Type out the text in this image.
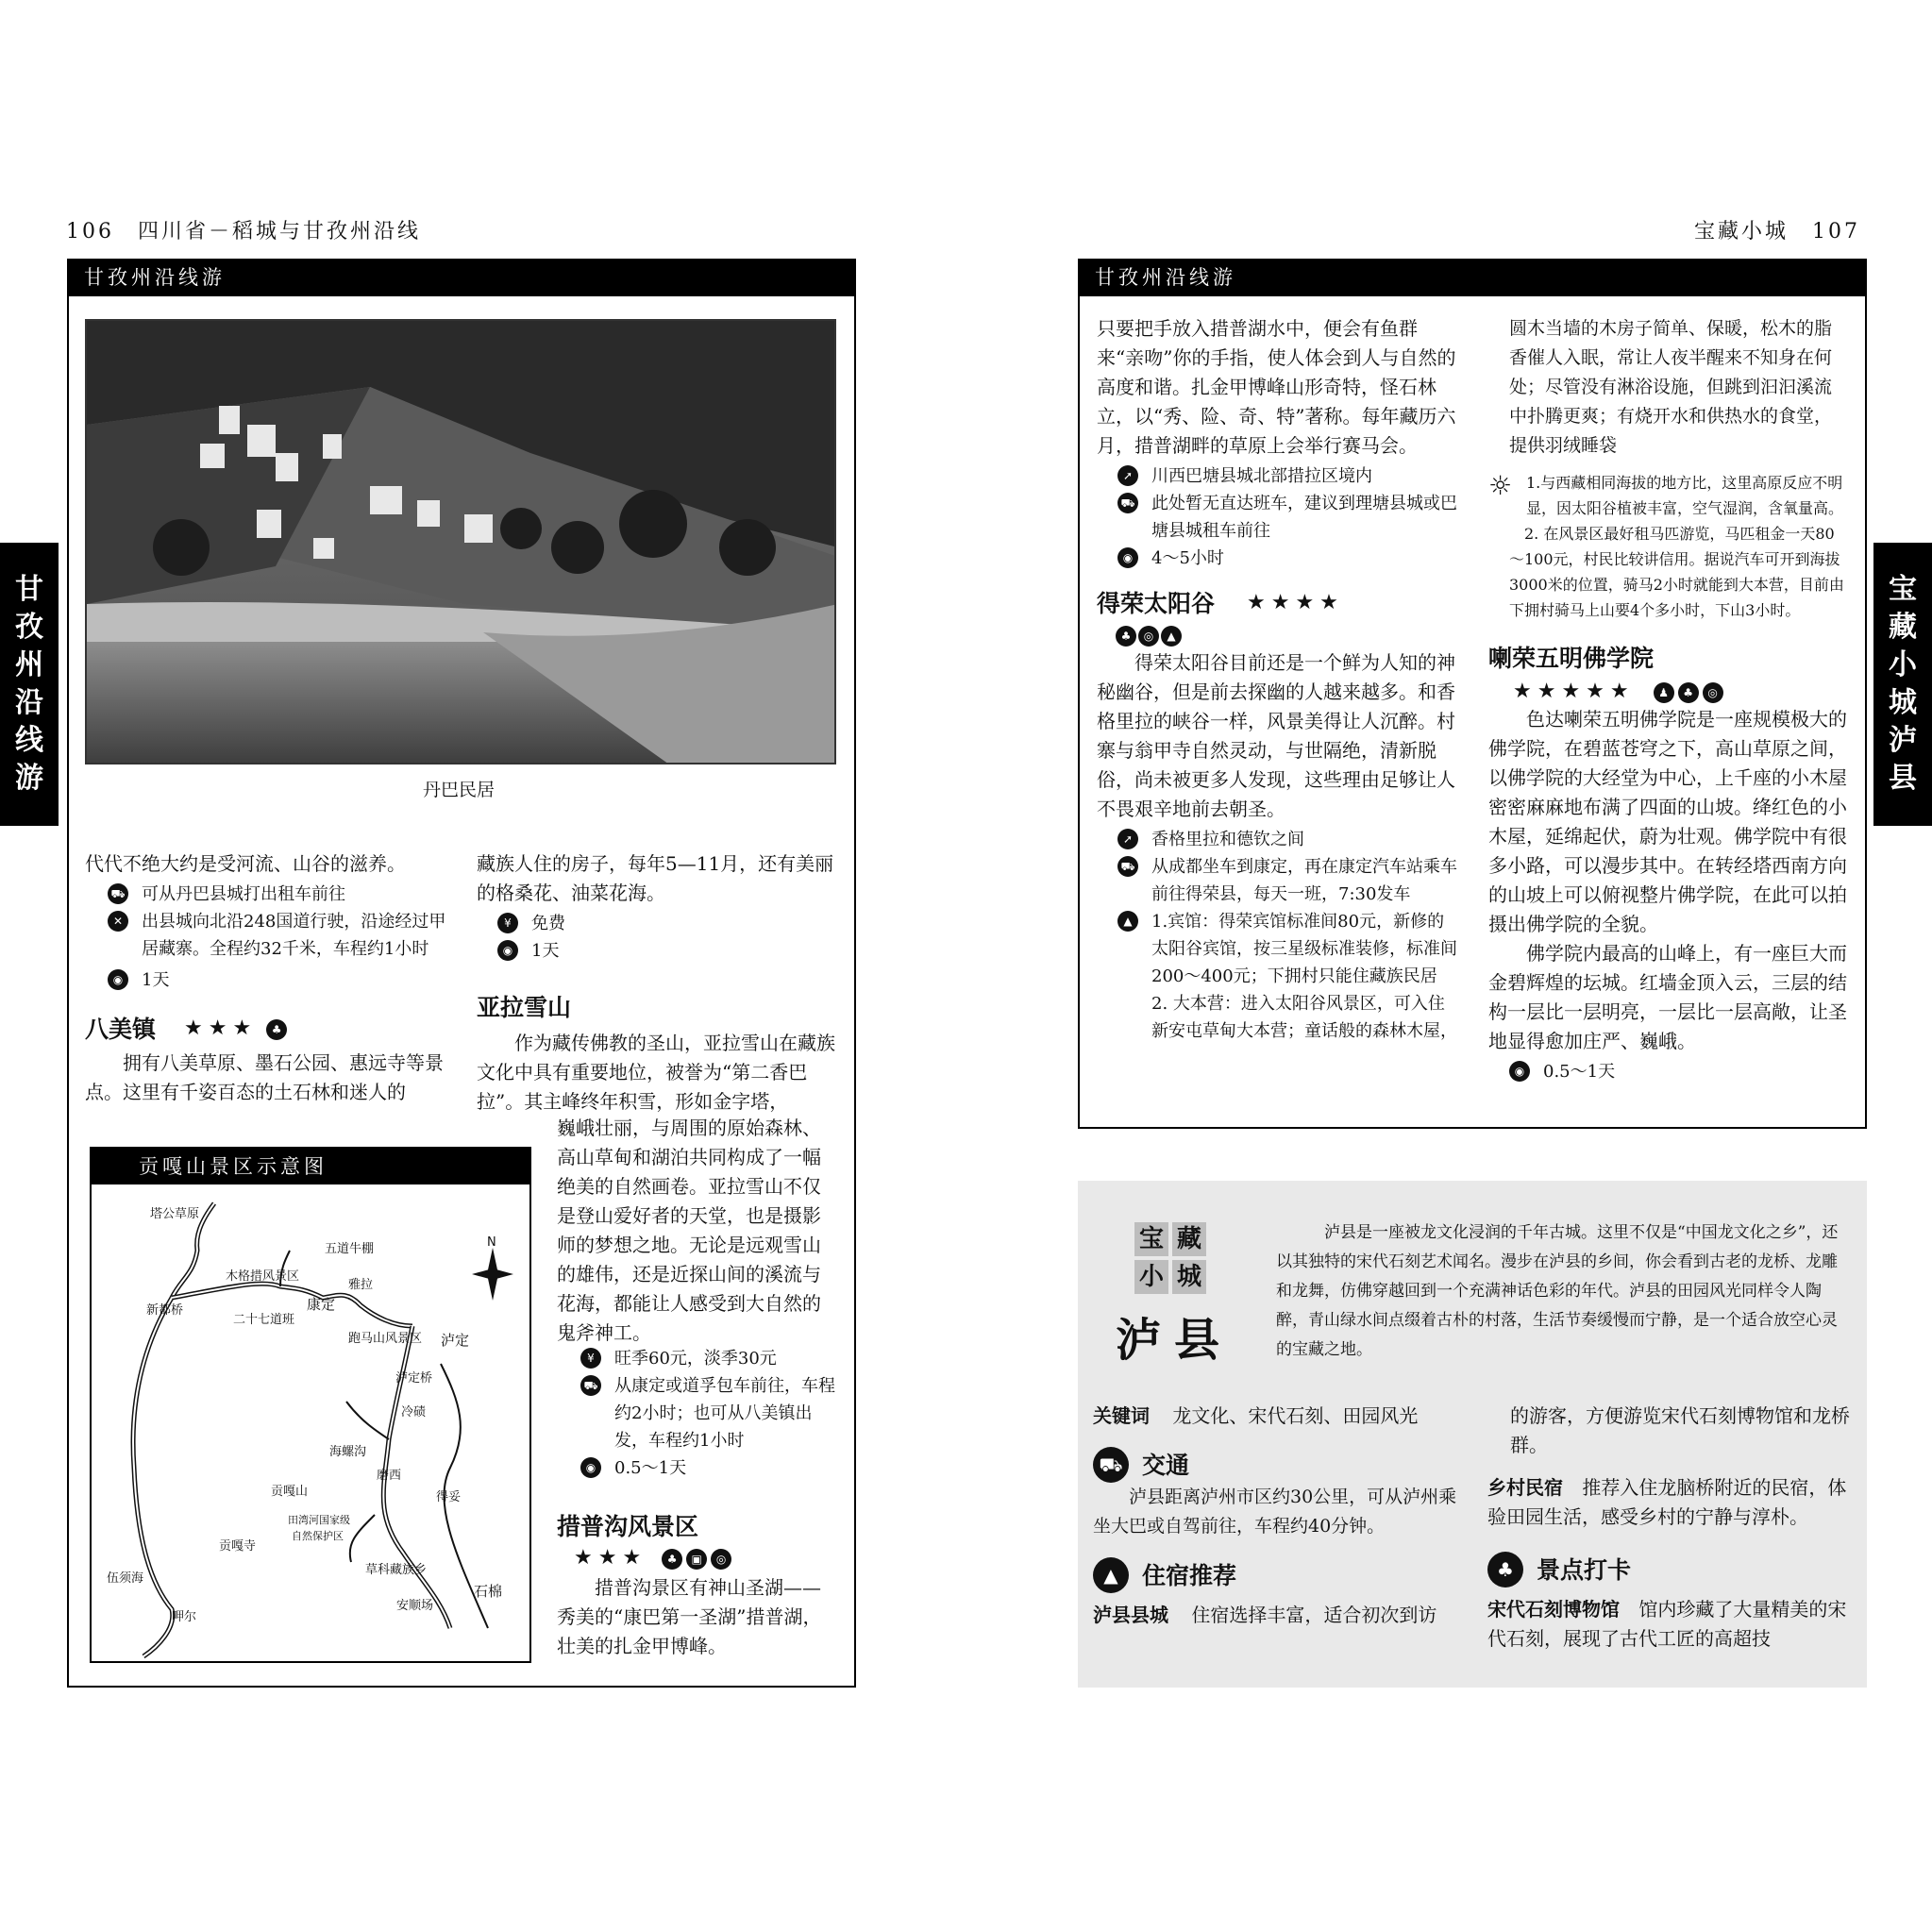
106　四川省－稻城与甘孜州沿线
甘孜州沿线游
甘
孜
州
沿
线
游	丹巴民居
代代不绝大约是受河流、山谷的滋养。
⛟ 可从丹巴县城打出租车前往
✕	出县城向北沿248国道行驶，沿途经过甲居藏寨。全程约32千米，车程约1小时
◉	1天
八美镇 ★★★	♣
拥有八美草原、墨石公园、惠远寺等景点。这里有千姿百态的土石林和迷人的
藏族人住的房子，每年5—11月，还有美丽的格桑花、油菜花海。
¥	免费
◉	1天
亚拉雪山
作为藏传佛教的圣山，亚拉雪山在藏族文化中具有重要地位，被誉为“第二香巴拉”。其主峰终年积雪，形如金字塔，
巍峨壮丽，与周围的原始森林、高山草甸和湖泊共同构成了一幅绝美的自然画卷。亚拉雪山不仅是登山爱好者的天堂，也是摄影师的梦想之地。无论是远观雪山的雄伟，还是近探山间的溪流与花海，都能让人感受到大自然的鬼斧神工。
¥	旺季60元，淡季30元
⛟ 从康定或道孚包车前往，车程约2小时；也可从八美镇出发，车程约1小时
◉	0.5～1天
措普沟风景区
★★★	♣	▣	◎
措普沟景区有神山圣湖——秀美的“康巴第一圣湖”措普湖，壮美的扎金甲博峰。
贡嘎山景区示意图
N
塔公草原
五道牛棚
木格措风景区
雅拉
新都桥	康定
二十七道班
跑马山风景区 泸定
泸定桥
冷碛
海螺沟
贡嘎山
磨西
得妥
田湾河国家级
自然保护区
贡嘎寺
草科藏族乡
伍须海
呷尔
安顺场
石棉
宝藏小城　107
甘孜州沿线游
宝
藏
小
城
泸
县
只要把手放入措普湖水中，便会有鱼群来“亲吻”你的手指，使人体会到人与自然的高度和谐。扎金甲博峰山形奇特，怪石林立，以“秀、险、奇、特”著称。每年藏历六月，措普湖畔的草原上会举行赛马会。
➚	川西巴塘县城北部措拉区境内
⛟ 此处暂无直达班车，建议到理塘县城或巴塘县城租车前往
◉	4～5小时
得荣太阳谷 ★★★★
♣ ◎ ▲
得荣太阳谷目前还是一个鲜为人知的神秘幽谷，但是前去探幽的人越来越多。和香格里拉的峡谷一样，风景美得让人沉醉。村寨与翁甲寺自然灵动，与世隔绝，清新脱俗，尚未被更多人发现，这些理由足够让人不畏艰辛地前去朝圣。
➚	香格里拉和德钦之间
⛟ 从成都坐车到康定，再在康定汽车站乘车前往得荣县，每天一班，7:30发车
▲	1.宾馆：得荣宾馆标准间80元，新修的太阳谷宾馆，按三星级标准装修，标准间200～400元；下拥村只能住藏族民居
2. 大本营：进入太阳谷风景区，可入住新安屯草甸大本营；童话般的森林木屋，
圆木当墙的木房子简单、保暖，松木的脂香催人入眠，常让人夜半醒来不知身在何处；尽管没有淋浴设施，但跳到汩汩溪流中扑腾更爽；有烧开水和供热水的食堂，提供羽绒睡袋
☼ 1.与西藏相同海拔的地方比，这里高原反应不明显，因太阳谷植被丰富，空气湿润，含氧量高。
2. 在风景区最好租马匹游览，马匹租金一天80～100元，村民比较讲信用。据说汽车可开到海拔3000米的位置，骑马2小时就能到大本营，目前由下拥村骑马上山要4个多小时，下山3小时。
喇荣五明佛学院
★★★★★	♟	♣	◎
色达喇荣五明佛学院是一座规模极大的佛学院，在碧蓝苍穹之下，高山草原之间，以佛学院的大经堂为中心，上千座的小木屋密密麻麻地布满了四面的山坡。绛红色的小木屋，延绵起伏，蔚为壮观。佛学院中有很多小路，可以漫步其中。在转经塔西南方向的山坡上可以俯视整片佛学院，在此可以拍摄出佛学院的全貌。
佛学院内最高的山峰上，有一座巨大而金碧辉煌的坛城。红墙金顶入云，三层的结构一层比一层明亮，一层比一层高敞，让圣地显得愈加庄严、巍峨。
◉	0.5～1天
宝 藏
小 城
泸县
泸县是一座被龙文化浸润的千年古城。这里不仅是“中国龙文化之乡”，还以其独特的宋代石刻艺术闻名。漫步在泸县的乡间，你会看到古老的龙桥、龙雕和龙舞，仿佛穿越回到一个充满神话色彩的年代。泸县的田园风光同样令人陶醉，青山绿水间点缀着古朴的村落，生活节奏缓慢而宁静，是一个适合放空心灵的宝藏之地。
关键词 龙文化、宋代石刻、田园风光
⛟ 交通
泸县距离泸州市区约30公里，可从泸州乘坐大巴或自驾前往，车程约40分钟。
▲	住宿推荐
泸县县城 住宿选择丰富，适合初次到访
的游客，方便游览宋代石刻博物馆和龙桥群。
乡村民宿 推荐入住龙脑桥附近的民宿，体验田园生活，感受乡村的宁静与淳朴。
♣ 景点打卡
宋代石刻博物馆 馆内珍藏了大量精美的宋代石刻，展现了古代工匠的高超技
